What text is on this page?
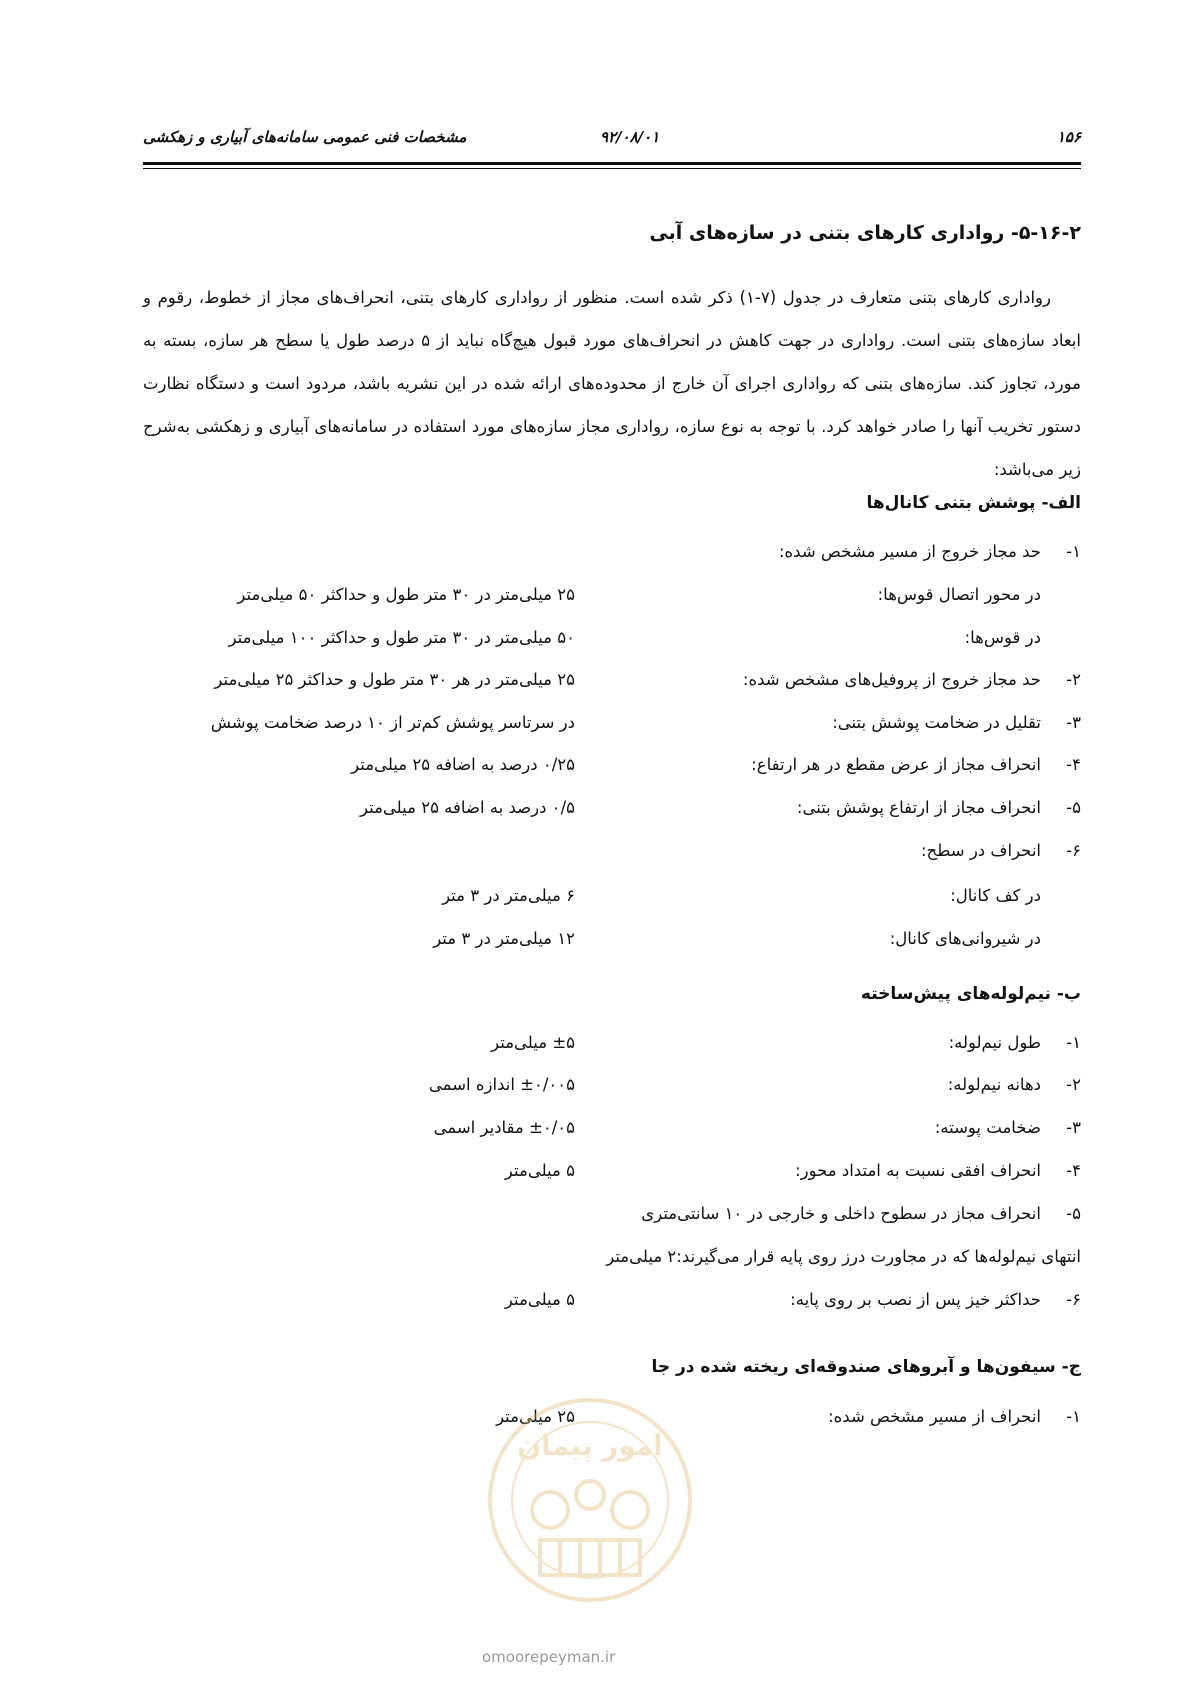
۱۵۶
۹۲/۰۸/۰۱
مشخصات فنی عمومی سامانه‌های آبیاری و زهکشی
۵-۱۶-۲- رواداری کارهای بتنی در سازه‌های آبی

رواداری کارهای بتنی متعارف در جدول (۷-۱) ذکر شده است. منظور از رواداری کارهای بتنی، انحراف‌های مجاز از خطوط، رقوم و ابعاد سازه‌های بتنی است. رواداری در جهت کاهش در انحراف‌های مورد قبول هیچ‌گاه نباید از ۵ درصد طول یا سطح هر سازه، بسته به مورد، تجاوز کند. سازه‌های بتنی که رواداری اجرای آن خارج از محدوده‌های ارائه شده در این نشریه باشد، مردود است و دستگاه نظارت دستور تخریب آنها را صادر خواهد کرد. با توجه به نوع سازه، رواداری مجاز سازه‌های مورد استفاده در سامانه‌های آبیاری و زهکشی به‌شرح زیر می‌باشد:

الف- پوشش بتنی کانال‌ها
۱-حد مجاز خروج از مسیر مشخص شده:
در محور اتصال قوس‌ها:
۲۵ میلی‌متر در ۳۰ متر طول و حداکثر ۵۰ میلی‌متر
در قوس‌ها:
۵۰ میلی‌متر در ۳۰ متر طول و حداکثر ۱۰۰ میلی‌متر
۲-حد مجاز خروج از پروفیل‌های مشخص شده:
۲۵ میلی‌متر در هر ۳۰ متر طول و حداکثر ۲۵ میلی‌متر
۳-تقلیل در ضخامت پوشش بتنی:
در سرتاسر پوشش کم‌تر از ۱۰ درصد ضخامت پوشش
۴-انحراف مجاز از عرض مقطع در هر ارتفاع:
۰/۲۵ درصد به اضافه ۲۵ میلی‌متر
۵-انحراف مجاز از ارتفاع پوشش بتنی:
۰/۵ درصد به اضافه ۲۵ میلی‌متر
۶-انحراف در سطح:
در کف کانال:
۶ میلی‌متر در ۳ متر
در شیروانی‌های کانال:
۱۲ میلی‌متر در ۳ متر
ب- نیم‌لوله‌های پیش‌ساخته
۱-طول نیم‌لوله:
±۵ میلی‌متر
۲-دهانه نیم‌لوله:
±۰/۰۰۵ اندازه اسمی
۳-ضخامت پوسته:
±۰/۰۵ مقادیر اسمی
۴-انحراف افقی نسبت به امتداد محور:
۵ میلی‌متر
۵-انحراف مجاز در سطوح داخلی و خارجی در ۱۰ سانتی‌متری
انتهای نیم‌لوله‌ها که در مجاورت درز روی پایه قرار می‌گیرند:۲ میلی‌متر
۶-حداکثر خیز پس از نصب بر روی پایه:
۵ میلی‌متر
ج- سیفون‌ها و آبروهای صندوقه‌ای ریخته شده در جا
۱-انحراف از مسیر مشخص شده:
۲۵ میلی‌متر
امور پیمان
omoorepeyman.ir
